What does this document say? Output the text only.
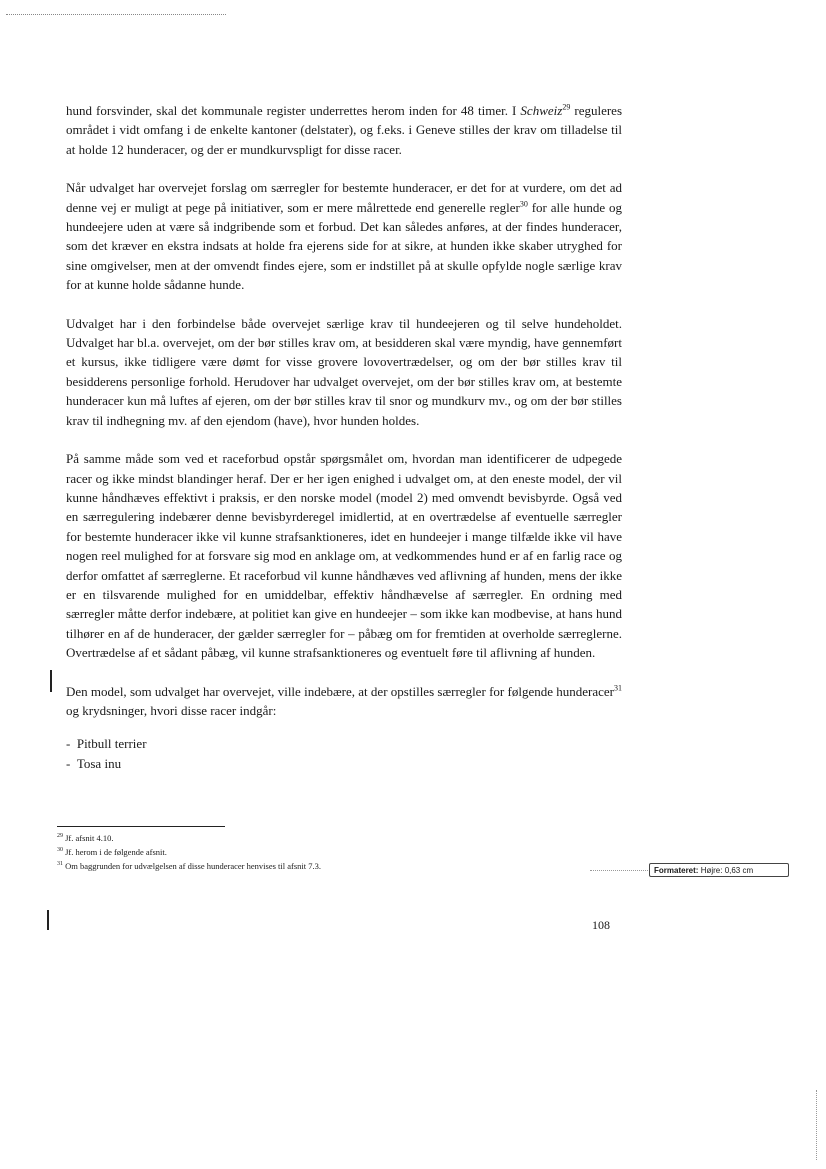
hund forsvinder, skal det kommunale register underrettes herom inden for 48 timer. I Schweiz$^{29}$ reguleres området i vidt omfang i de enkelte kantoner (delstater), og f.eks. i Geneve stilles der krav om tilladelse til at holde 12 hunderacer, og der er mundkurvspligt for disse racer.

Når udvalget har overvejet forslag om særregler for bestemte hunderacer, er det for at vurdere, om det ad denne vej er muligt at pege på initiativer, som er mere målrettede end generelle regler$^{30}$ for alle hunde og hundeejere uden at være så indgribende som et forbud. Det kan således anføres, at der findes hunderacer, som det kræver en ekstra indsats at holde fra ejerens side for at sikre, at hunden ikke skaber utryghed for sine omgivelser, men at der omvendt findes ejere, som er indstillet på at skulle opfylde nogle særlige krav for at kunne holde sådanne hunde.

Udvalget har i den forbindelse både overvejet særlige krav til hundeejeren og til selve hundeholdet. Udvalget har bl.a. overvejet, om der bør stilles krav om, at besidderen skal være myndig, have gennemført et kursus, ikke tidligere være dømt for visse grovere lovovertrædelser, og om der bør stilles krav til besidderens personlige forhold. Herudover har udvalget overvejet, om der bør stilles krav om, at bestemte hunderacer kun må luftes af ejeren, om der bør stilles krav til snor og mundkurv mv., og om der bør stilles krav til indhegning mv. af den ejendom (have), hvor hunden holdes.

På samme måde som ved et raceforbud opstår spørgsmålet om, hvordan man identificerer de udpegede racer og ikke mindst blandinger heraf. Der er her igen enighed i udvalget om, at den eneste model, der vil kunne håndhæves effektivt i praksis, er den norske model (model 2) med omvendt bevisbyrde. Også ved en særregulering indebærer denne bevisbyrderegel imidlertid, at en overtrædelse af eventuelle særregler for bestemte hunderacer ikke vil kunne strafsanktioneres, idet en hundeejer i mange tilfælde ikke vil have nogen reel mulighed for at forsvare sig mod en anklage om, at vedkommendes hund er af en farlig race og derfor omfattet af særreglerne. Et raceforbud vil kunne håndhæves ved aflivning af hunden, mens der ikke er en tilsvarende mulighed for en umiddelbar, effektiv håndhævelse af særregler. En ordning med særregler måtte derfor indebære, at politiet kan give en hundeejer – som ikke kan modbevise, at hans hund tilhører en af de hunderacer, der gælder særregler for – påbæg om for fremtiden at overholde særreglerne. Overtrædelse af et sådant påbæg, vil kunne strafsanktioneres og eventuelt føre til aflivning af hunden.

Den model, som udvalget har overvejet, ville indebære, at der opstilles særregler for følgende hunderacer$^{31}$ og krydsninger, hvori disse racer indgår:

-  Pitbull terrier
-  Tosa inu
$^{29}$ Jf. afsnit 4.10.
$^{30}$ Jf. herom i de følgende afsnit.
$^{31}$ Om baggrunden for udvælgelsen af disse hunderacer henvises til afsnit 7.3.
Formateret: Højre: 0,63 cm
108
